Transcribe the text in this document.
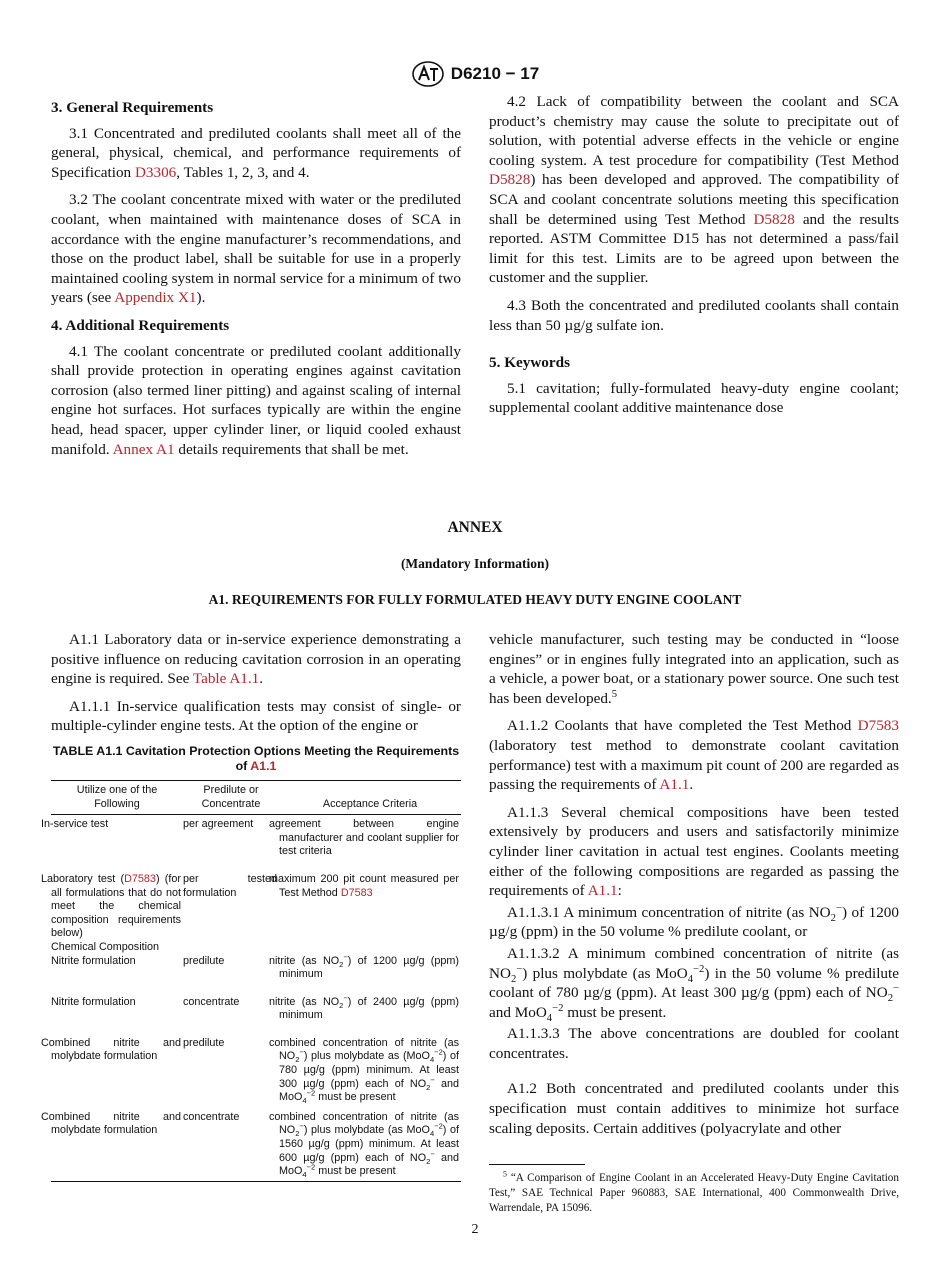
D6210 − 17
3. General Requirements

3.1 Concentrated and prediluted coolants shall meet all of the general, physical, chemical, and performance requirements of Specification D3306, Tables 1, 2, 3, and 4.

3.2 The coolant concentrate mixed with water or the prediluted coolant, when maintained with maintenance doses of SCA in accordance with the engine manufacturer’s recommendations, and those on the product label, shall be suitable for use in a properly maintained cooling system in normal service for a minimum of two years (see Appendix X1).

4. Additional Requirements

4.1 The coolant concentrate or prediluted coolant additionally shall provide protection in operating engines against cavitation corrosion (also termed liner pitting) and against scaling of internal engine hot surfaces. Hot surfaces typically are within the engine head, head spacer, upper cylinder liner, or liquid cooled exhaust manifold. Annex A1 details requirements that shall be met.

4.2 Lack of compatibility between the coolant and SCA product’s chemistry may cause the solute to precipitate out of solution, with potential adverse effects in the vehicle or engine cooling system. A test procedure for compatibility (Test Method D5828) has been developed and approved. The compatibility of SCA and coolant concentrate solutions meeting this specification shall be determined using Test Method D5828 and the results reported. ASTM Committee D15 has not determined a pass/fail limit for this test. Limits are to be agreed upon between the customer and the supplier.

4.3 Both the concentrated and prediluted coolants shall contain less than 50 µg/g sulfate ion.

5. Keywords

5.1 cavitation; fully-formulated heavy-duty engine coolant; supplemental coolant additive maintenance dose

ANNEX
(Mandatory Information)
A1. REQUIREMENTS FOR FULLY FORMULATED HEAVY DUTY ENGINE COOLANT

A1.1 Laboratory data or in-service experience demonstrating a positive influence on reducing cavitation corrosion in an operating engine is required. See Table A1.1.

A1.1.1 In-service qualification tests may consist of single- or multiple-cylinder engine tests. At the option of the engine or

TABLE A1.1 Cavitation Protection Options Meeting the Requirements of A1.1
Utilize one of the Following	Predilute or Concentrate	Acceptance Criteria
In-service test	per agreement	agreement between engine manufacturer and coolant supplier for test criteria
Laboratory test (D7583) (for all formulations that do not meet the chemical composition requirements below)	per tested formulation	maximum 200 pit count measured per Test Method D7583
Chemical Composition		
Nitrite formulation	predilute	nitrite (as $NO_2^-$) of 1200 µg/g (ppm) minimum
Nitrite formulation	concentrate	nitrite (as $NO_2^-$) of 2400 µg/g (ppm) minimum
Combined nitrite and molybdate formulation	predilute	combined concentration of nitrite (as $NO_2^-$) plus molybdate as (MoO$_4^{-2}$) of 780 µg/g (ppm) minimum. At least 300 µg/g (ppm) each of $NO_2^-$ and MoO$_4^{-2}$ must be present
Combined nitrite and molybdate formulation	concentrate	combined concentration of nitrite (as $NO_2^-$) plus molybdate (as MoO$_4^{-2}$) of 1560 µg/g (ppm) minimum. At least 600 µg/g (ppm) each of $NO_2^-$ and MoO$_4^{-2}$ must be present

vehicle manufacturer, such testing may be conducted in “loose engines” or in engines fully integrated into an application, such as a vehicle, a power boat, or a stationary power source. One such test has been developed.$^5$

A1.1.2 Coolants that have completed the Test Method D7583 (laboratory test method to demonstrate coolant cavitation performance) test with a maximum pit count of 200 are regarded as passing the requirements of A1.1.

A1.1.3 Several chemical compositions have been tested extensively by producers and users and satisfactorily minimize cylinder liner cavitation in actual test engines. Coolants meeting either of the following compositions are regarded as passing the requirements of A1.1:

A1.1.3.1 A minimum concentration of nitrite (as $NO_2^-$) of 1200 µg/g (ppm) in the 50 volume % predilute coolant, or

A1.1.3.2 A minimum combined concentration of nitrite (as $NO_2^-$) plus molybdate (as MoO$_4^{-2}$) in the 50 volume % predilute coolant of 780 µg/g (ppm). At least 300 µg/g (ppm) each of $NO_2^-$ and MoO$_4^{-2}$ must be present.

A1.1.3.3 The above concentrations are doubled for coolant concentrates.

A1.2 Both concentrated and prediluted coolants under this specification must contain additives to minimize hot surface scaling deposits. Certain additives (polyacrylate and other

$^5$ “A Comparison of Engine Coolant in an Accelerated Heavy-Duty Engine Cavitation Test,” SAE Technical Paper 960883, SAE International, 400 Commonwealth Drive, Warrendale, PA 15096.
2
